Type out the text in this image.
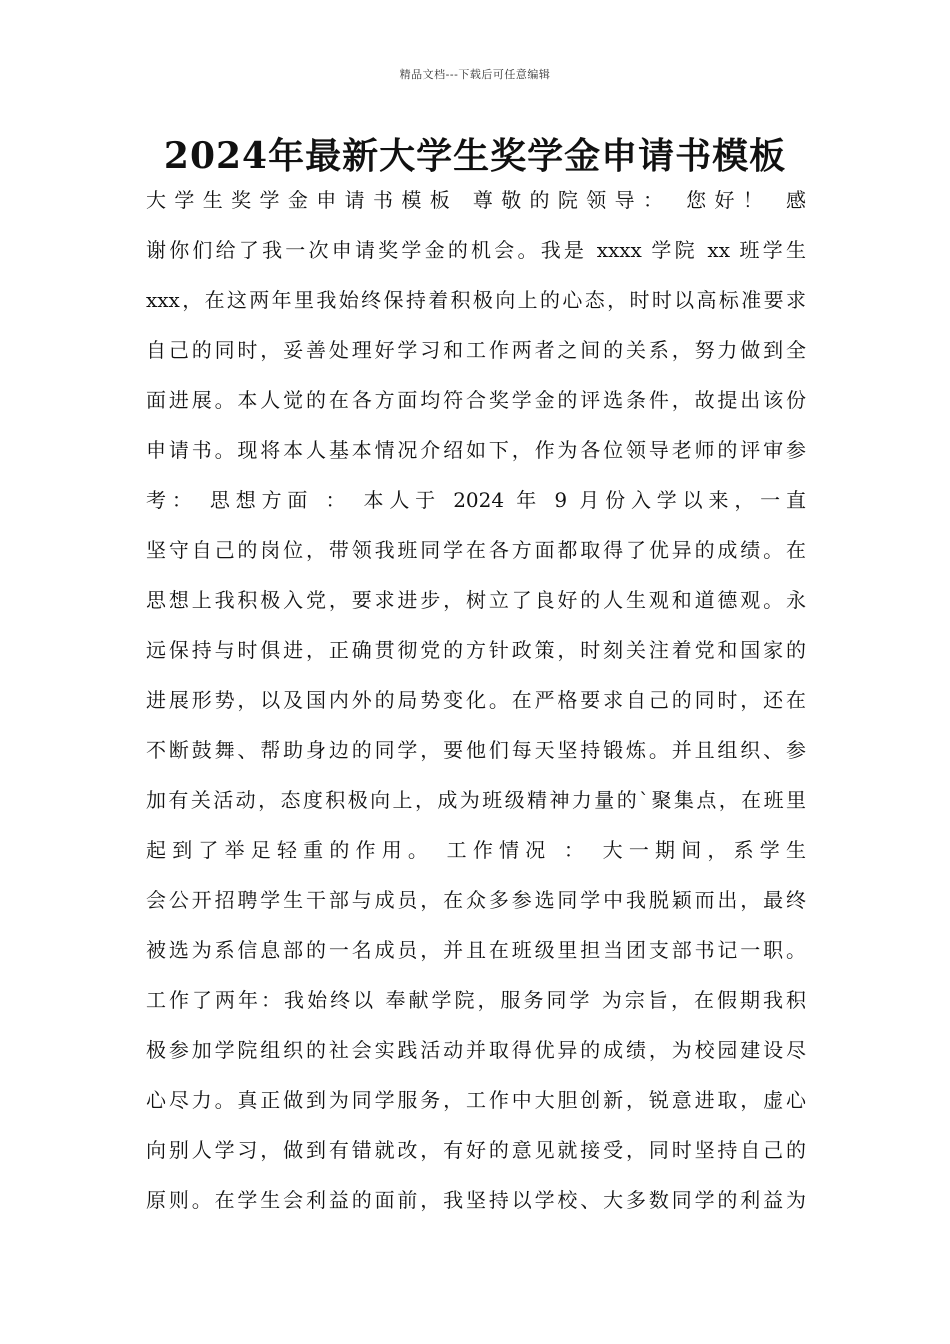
精品文档---下载后可任意编辑
2024年最新大学生奖学金申请书模板
大学生奖学金申请书模板 尊敬的院领导： 您好！ 感
谢你们给了我一次申请奖学金的机会。我是 xxxx 学院 xx 班学生
xxx，在这两年里我始终保持着积极向上的心态，时时以高标准要求
自己的同时，妥善处理好学习和工作两者之间的关系，努力做到全
面进展。本人觉的在各方面均符合奖学金的评选条件，故提出该份
申请书。现将本人基本情况介绍如下，作为各位领导老师的评审参
考： 思想方面 ： 本人于 2024 年 9 月份入学以来，一直
坚守自己的岗位，带领我班同学在各方面都取得了优异的成绩。在
思想上我积极入党，要求进步，树立了良好的人生观和道德观。永
远保持与时俱进，正确贯彻党的方针政策，时刻关注着党和国家的
进展形势，以及国内外的局势变化。在严格要求自己的同时，还在
不断鼓舞、帮助身边的同学，要他们每天坚持锻炼。并且组织、参
加有关活动，态度积极向上，成为班级精神力量的`聚集点，在班里
起到了举足轻重的作用。 工作情况 ： 大一期间，系学生
会公开招聘学生干部与成员，在众多参选同学中我脱颖而出，最终
被选为系信息部的一名成员，并且在班级里担当团支部书记一职。
工作了两年：我始终以 奉献学院，服务同学 为宗旨，在假期我积
极参加学院组织的社会实践活动并取得优异的成绩，为校园建设尽
心尽力。真正做到为同学服务，工作中大胆创新，锐意进取，虚心
向别人学习，做到有错就改，有好的意见就接受，同时坚持自己的
原则。在学生会利益的面前，我坚持以学校、大多数同学的利益为
